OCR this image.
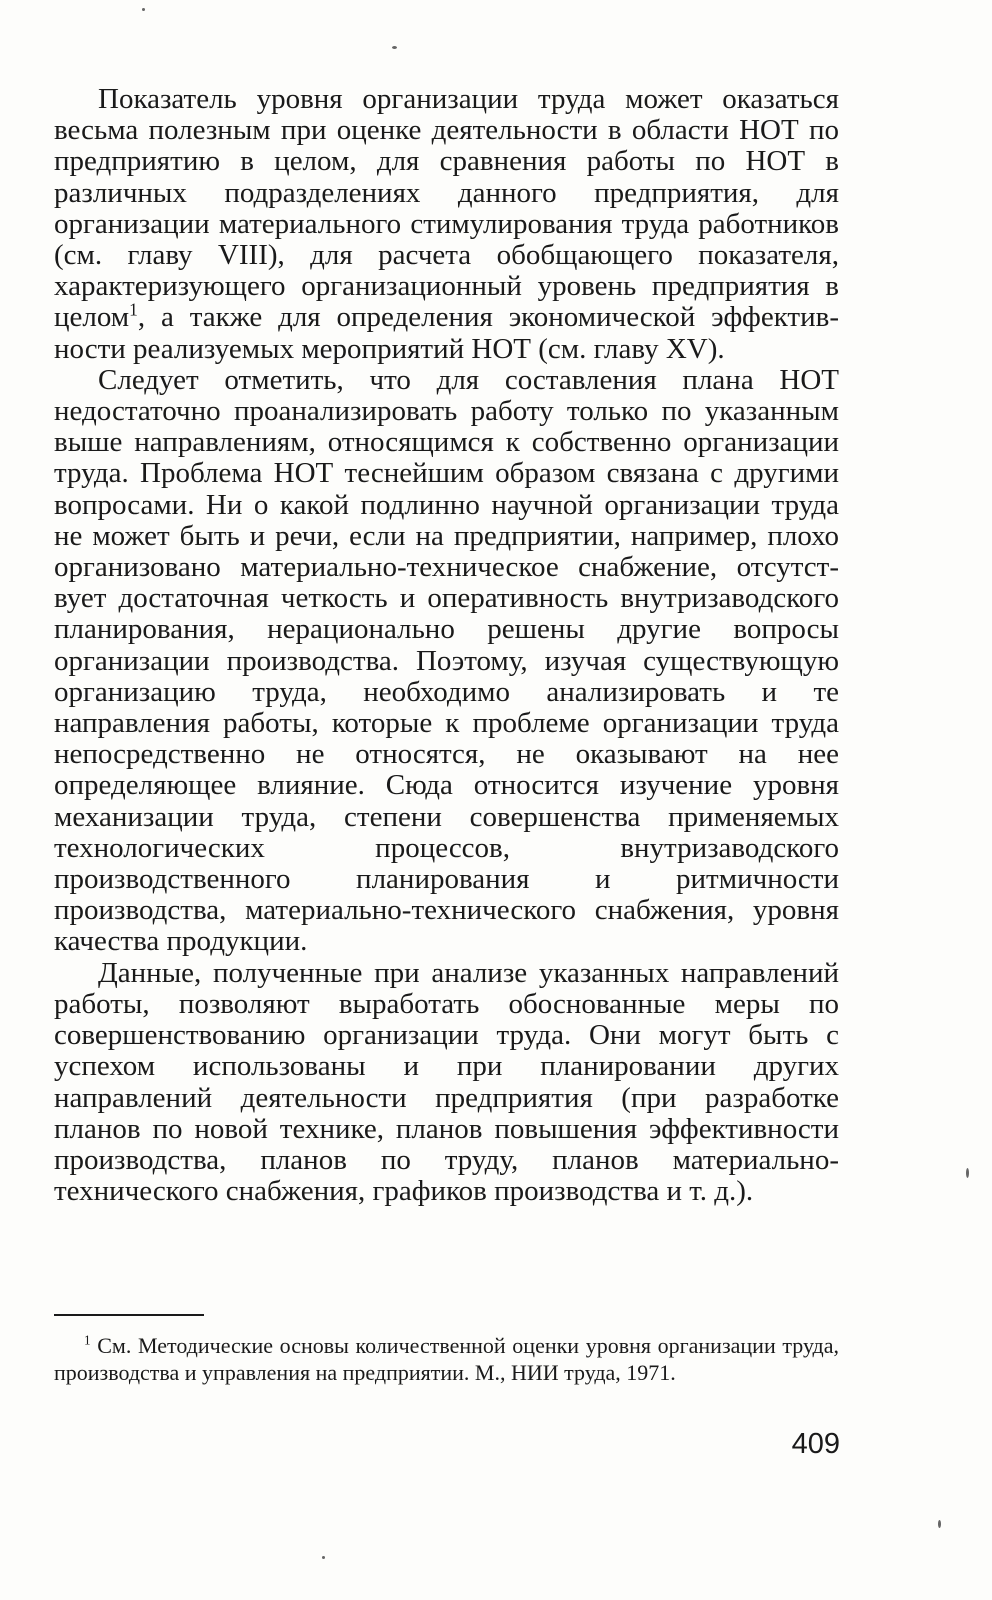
Показатель уровня организации труда может оказаться весьма полезным при оценке деятельности в области НОТ по предприятию в целом, для сравнения работы по НОТ в различных подразделениях данного предприятия, для организации материального стимулирования труда работников (см. главу VIII), для расчета обобщающего показателя, характеризующего организационный уровень предприятия в целом$^1$, а также для определения экономической эффективности реализуемых мероприятий НОТ (см. главу XV).

Следует отметить, что для составления плана НОТ недостаточно проанализировать работу только по указанным выше направлениям, относящимся к собственно организации труда. Проблема НОТ теснейшим образом связана с другими вопросами. Ни о какой подлинно научной организации труда не может быть и речи, если на предприятии, например, плохо организовано материально-техническое снабжение, отсутствует достаточная четкость и оперативность внутризаводского планирования, нерационально решены другие вопросы организации производства. Поэтому, изучая существующую организацию труда, необходимо анализировать и те направления работы, которые к проблеме организации труда непосредственно не относятся, не оказывают на нее определяющее влияние. Сюда относится изучение уровня механизации труда, степени совершенства применяемых технологических процессов, внутризаводского производственного планирования и ритмичности производства, материально-технического снабжения, уровня качества продукции.

Данные, полученные при анализе указанных направлений работы, позволяют выработать обоснованные меры по совершенствованию организации труда. Они могут быть с успехом использованы и при планировании других направлений деятельности предприятия (при разработке планов по новой технике, планов повышения эффективности производства, планов по труду, планов материально-технического снабжения, графиков производства и т. д.).

$^1$ См. Методические основы количественной оценки уровня организации труда, производства и управления на предприятии. М., НИИ труда, 1971.
409
